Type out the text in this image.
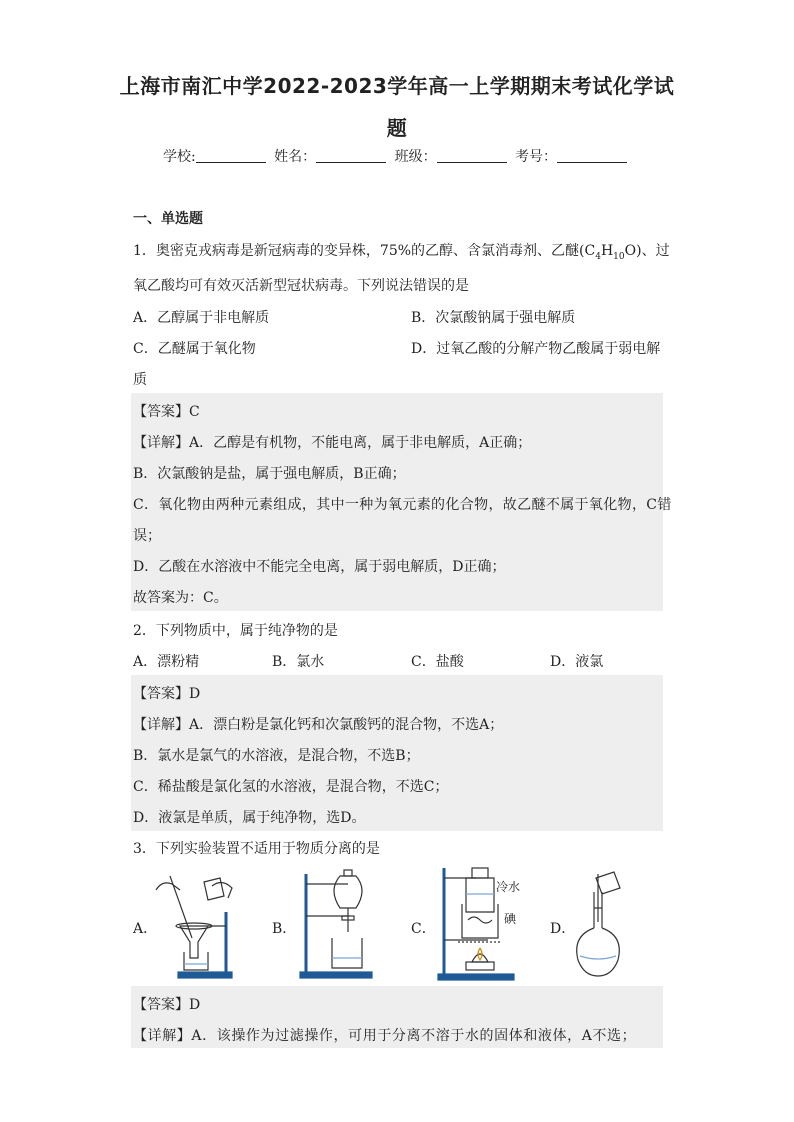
上海市南汇中学2022-2023学年高一上学期期末考试化学试
题
学校:	姓名：	班级：	考号：
一、单选题
1．奥密克戎病毒是新冠病毒的变异株，75%的乙醇、含氯消毒剂、乙醚$(C_4H_{10}O)$、过
氧乙酸均可有效灭活新型冠状病毒。下列说法错误的是
A．乙醇属于非电解质	B．次氯酸钠属于强电解质
C．乙醚属于氧化物	D．过氧乙酸的分解产物乙酸属于弱电解
质
【答案】C
【详解】A．乙醇是有机物，不能电离，属于非电解质，A正确；
B．次氯酸钠是盐，属于强电解质，B正确；
C．氧化物由两种元素组成，其中一种为氧元素的化合物，故乙醚不属于氧化物，C错
误；
D．乙酸在水溶液中不能完全电离，属于弱电解质，D正确；
故答案为：C。
2．下列物质中，属于纯净物的是
A．漂粉精	B．氯水	C．盐酸	D．液氯
【答案】D
【详解】A．漂白粉是氯化钙和次氯酸钙的混合物，不选A；
B．氯水是氯气的水溶液，是混合物，不选B；
C．稀盐酸是氯化氢的水溶液，是混合物，不选C；
D．液氯是单质，属于纯净物，选D。
3．下列实验装置不适用于物质分离的是
A．	B．	C．	D．
冷水
碘
【答案】D
【详解】A．该操作为过滤操作，可用于分离不溶于水的固体和液体，A不选；
